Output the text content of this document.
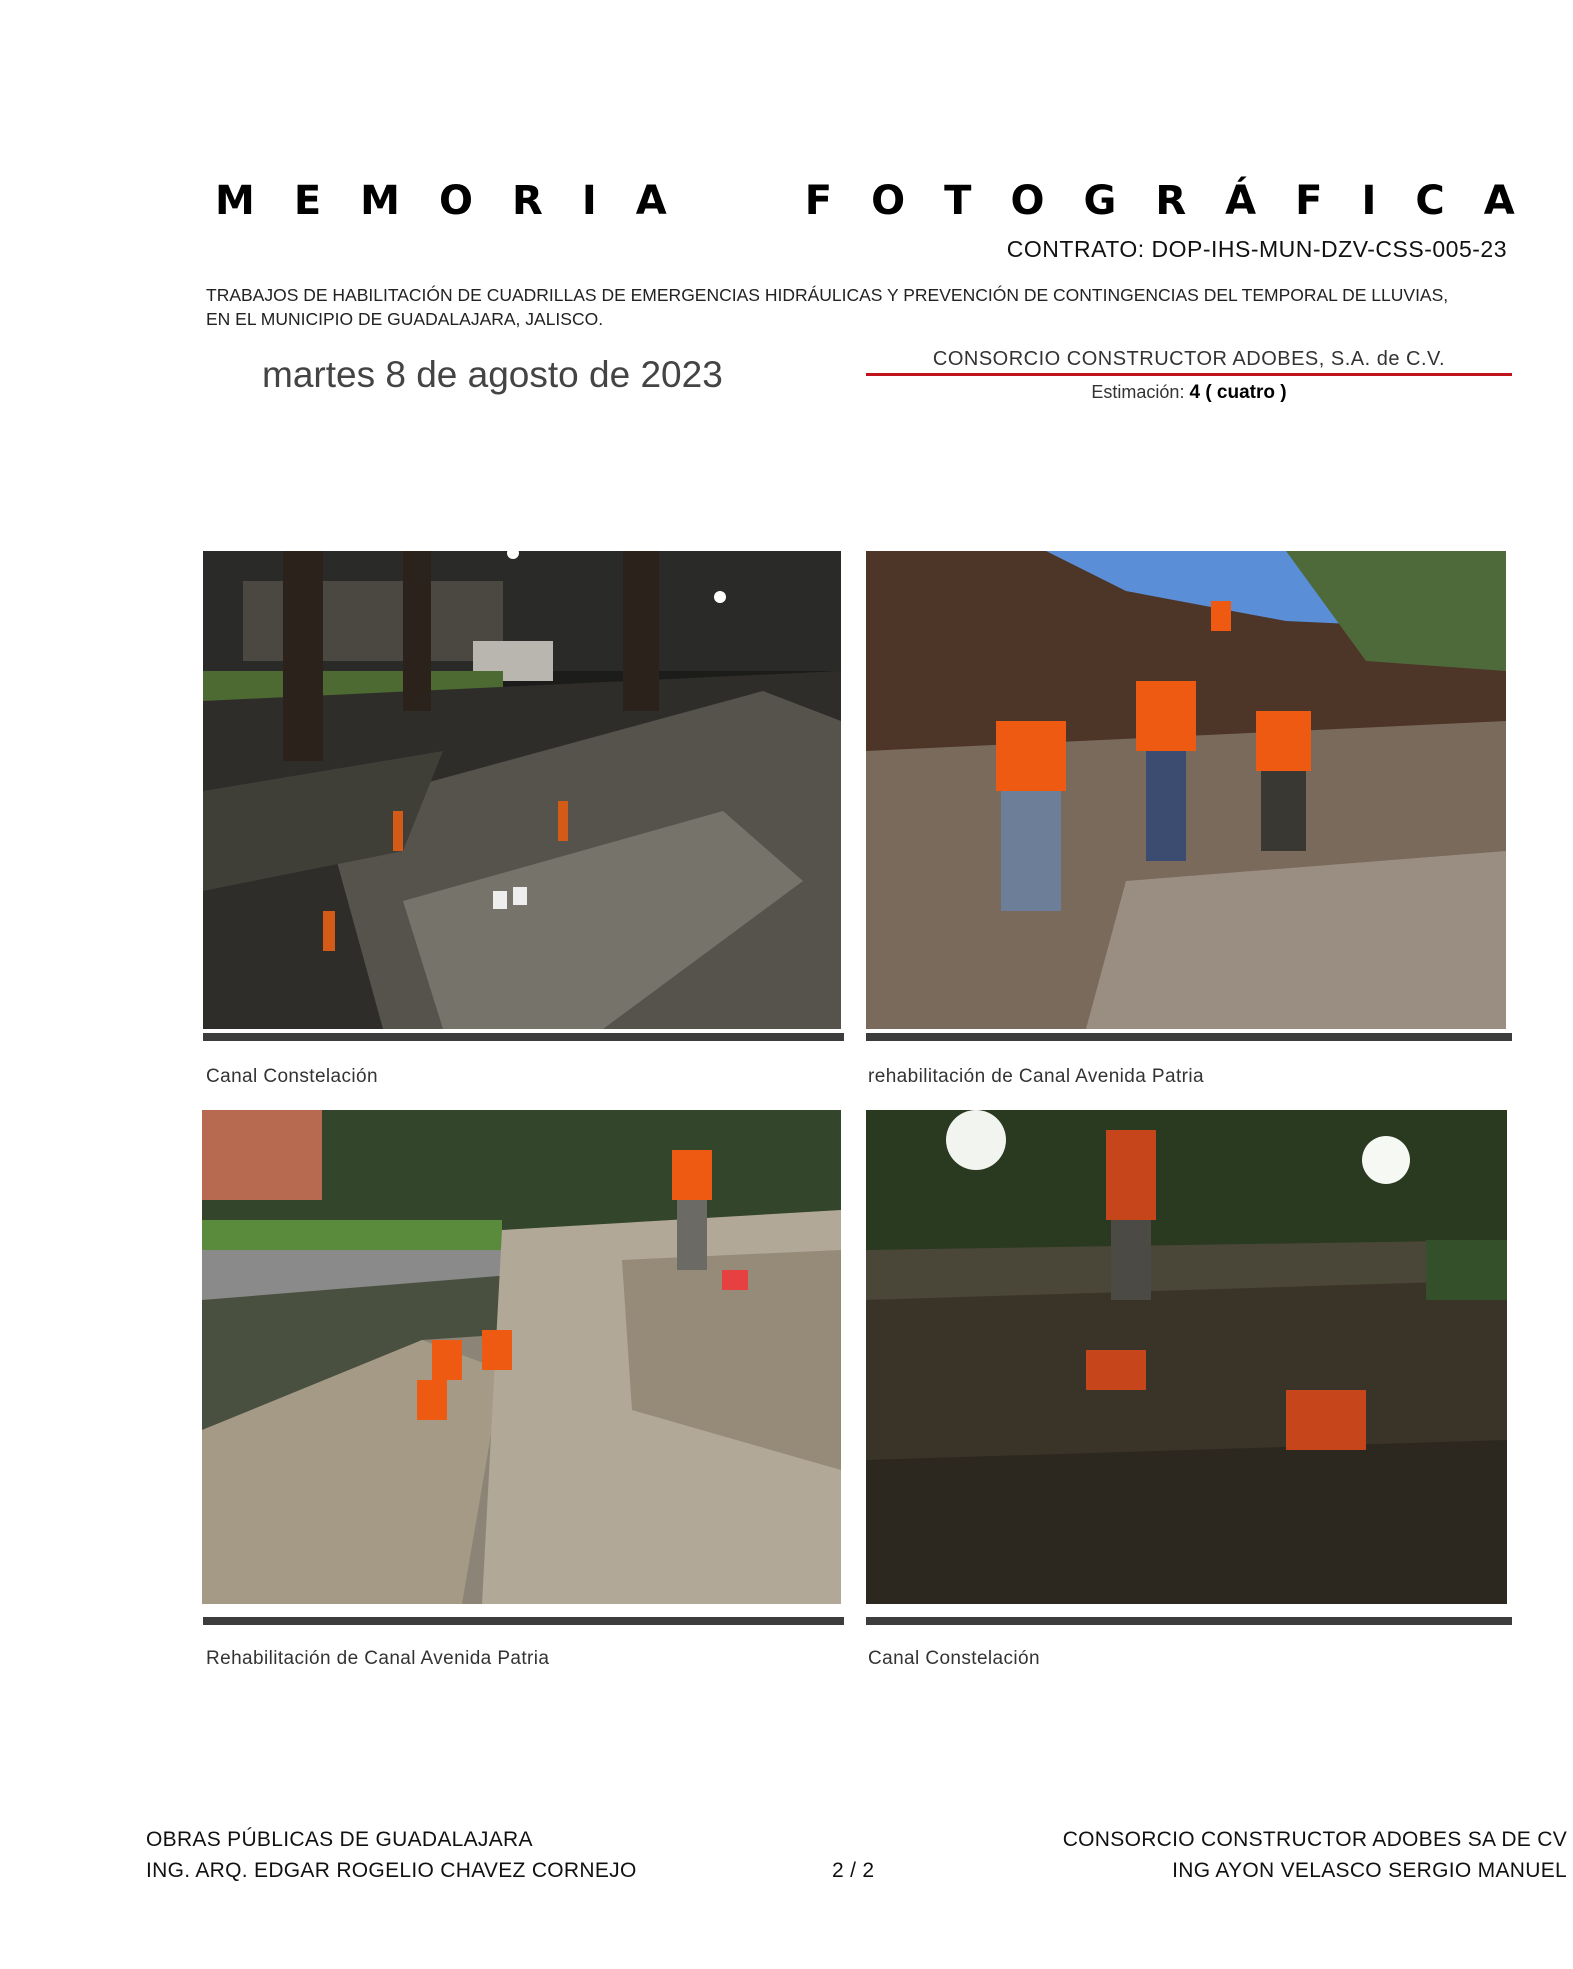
M E M O R I A	F O T O G R Á F I C A
CONTRATO: DOP-IHS-MUN-DZV-CSS-005-23
TRABAJOS DE HABILITACIÓN DE CUADRILLAS DE EMERGENCIAS HIDRÁULICAS Y PREVENCIÓN DE CONTINGENCIAS DEL TEMPORAL DE LLUVIAS,
EN EL MUNICIPIO DE GUADALAJARA, JALISCO.
martes 8 de agosto de 2023	CONSORCIO CONSTRUCTOR ADOBES, S.A. de C.V.
Estimación: 4 ( cuatro )
Canal Constelación	rehabilitación de Canal Avenida Patria
Rehabilitación de Canal Avenida Patria	Canal Constelación
OBRAS PÚBLICAS DE GUADALAJARA
ING. ARQ. EDGAR ROGELIO CHAVEZ CORNEJO	2 / 2
CONSORCIO CONSTRUCTOR ADOBES SA DE CV
ING AYON VELASCO SERGIO MANUEL
